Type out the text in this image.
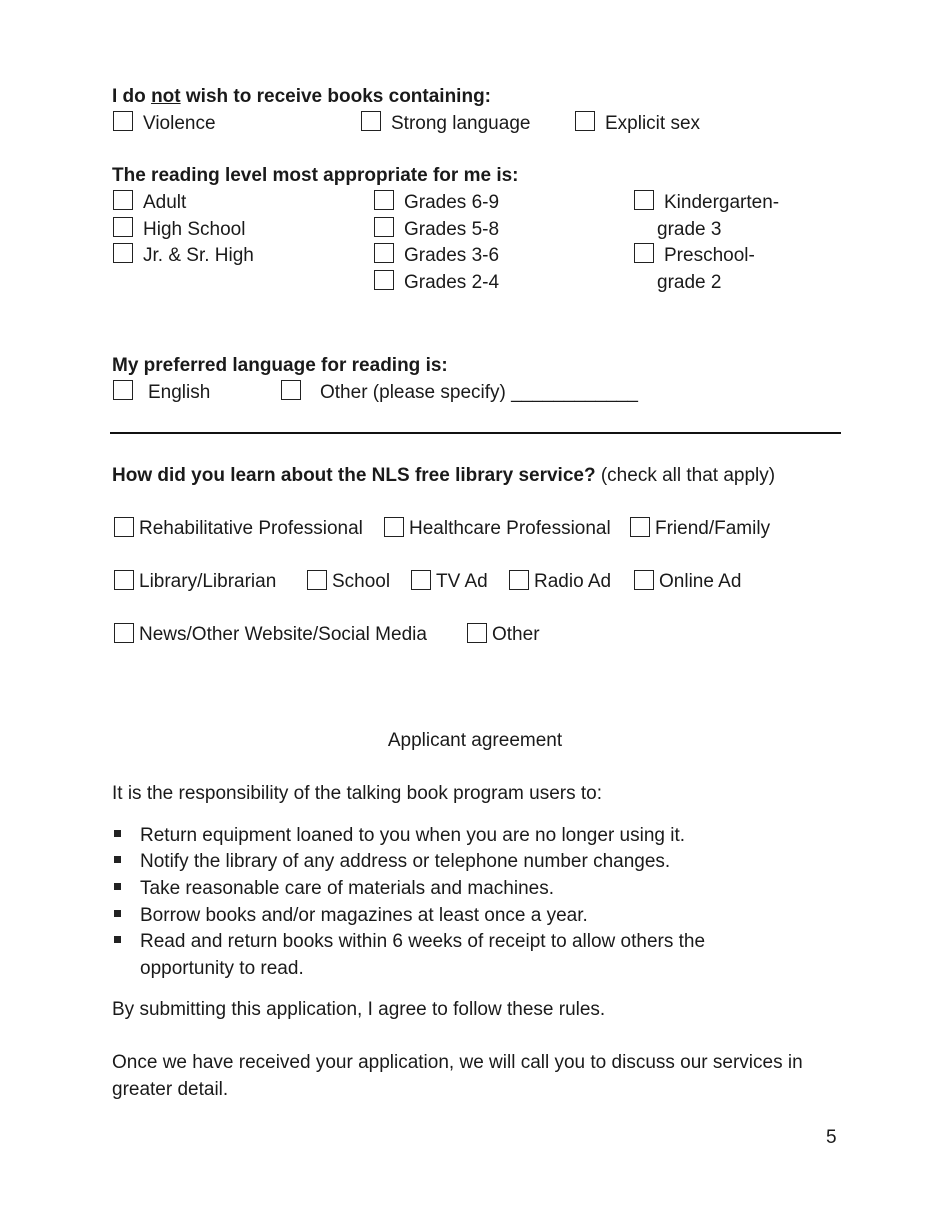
I do not wish to receive books containing:
Violence	Strong language	Explicit sex
The reading level most appropriate for me is:
Adult
High School
Jr. & Sr. High
Grades 6-9
Grades 5-8
Grades 3-6
Grades 2-4
Kindergarten-
grade 3
Preschool-
grade 2
My preferred language for reading is:
English	Other (please specify) ____________
How did you learn about the NLS free library service? (check all that apply)
Rehabilitative Professional Healthcare Professional Friend/Family
Library/Librarian	School TV Ad Radio Ad	Online Ad
News/Other Website/Social Media	Other
Applicant agreement
It is the responsibility of the talking book program users to:
Return equipment loaned to you when you are no longer using it.
Notify the library of any address or telephone number changes.
Take reasonable care of materials and machines.
Borrow books and/or magazines at least once a year.
Read and return books within 6 weeks of receipt to allow others the
opportunity to read.
By submitting this application, I agree to follow these rules.
Once we have received your application, we will call you to discuss our services in
greater detail.
5
